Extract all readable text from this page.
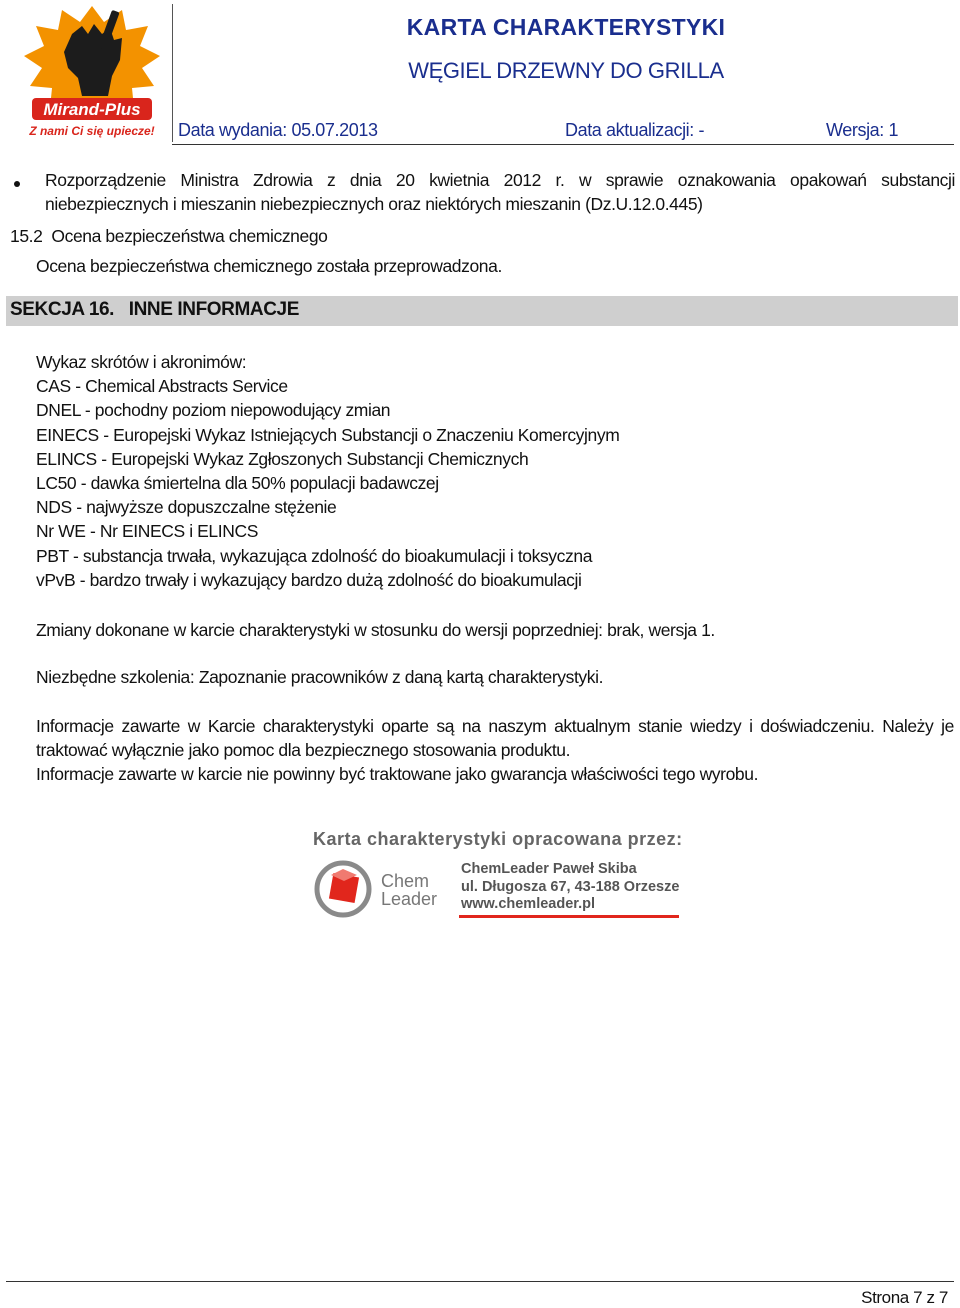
Mirand-Plus
Z nami Ci się upiecze!
KARTA CHARAKTERYSTYKI
WĘGIEL DRZEWNY DO GRILLA
Data wydania: 05.07.2013	Data aktualizacji: -	Wersja: 1
Rozporządzenie Ministra Zdrowia z dnia 20 kwietnia 2012 r. w sprawie oznakowania opakowań substancji
niebezpiecznych i mieszanin niebezpiecznych oraz niektórych mieszanin (Dz.U.12.0.445)
15.2  Ocena bezpieczeństwa chemicznego
Ocena bezpieczeństwa chemicznego została przeprowadzona.
SEKCJA 16.   INNE INFORMACJE
Wykaz skrótów i akronimów:
CAS - Chemical Abstracts Service
DNEL - pochodny poziom niepowodujący zmian
EINECS - Europejski Wykaz Istniejących Substancji o Znaczeniu Komercyjnym
ELINCS - Europejski Wykaz Zgłoszonych Substancji Chemicznych
LC50 - dawka śmiertelna dla 50% populacji badawczej
NDS - najwyższe dopuszczalne stężenie
Nr WE - Nr EINECS i ELINCS
PBT - substancja trwała, wykazująca zdolność do bioakumulacji i toksyczna
vPvB - bardzo trwały i wykazujący bardzo dużą zdolność do bioakumulacji
Zmiany dokonane w karcie charakterystyki w stosunku do wersji poprzedniej: brak, wersja 1.
Niezbędne szkolenia: Zapoznanie pracowników z daną kartą charakterystyki.
Informacje zawarte w Karcie charakterystyki oparte są na naszym aktualnym stanie wiedzy i doświadczeniu. Należy je
traktować wyłącznie jako pomoc dla bezpiecznego stosowania produktu.
Informacje zawarte w karcie nie powinny być traktowane jako gwarancja właściwości tego wyrobu.
Karta charakterystyki opracowana przez:
Chem
Leader
ChemLeader Paweł Skiba
ul. Długosza 67, 43-188 Orzesze
www.chemleader.pl
Strona 7 z 7
